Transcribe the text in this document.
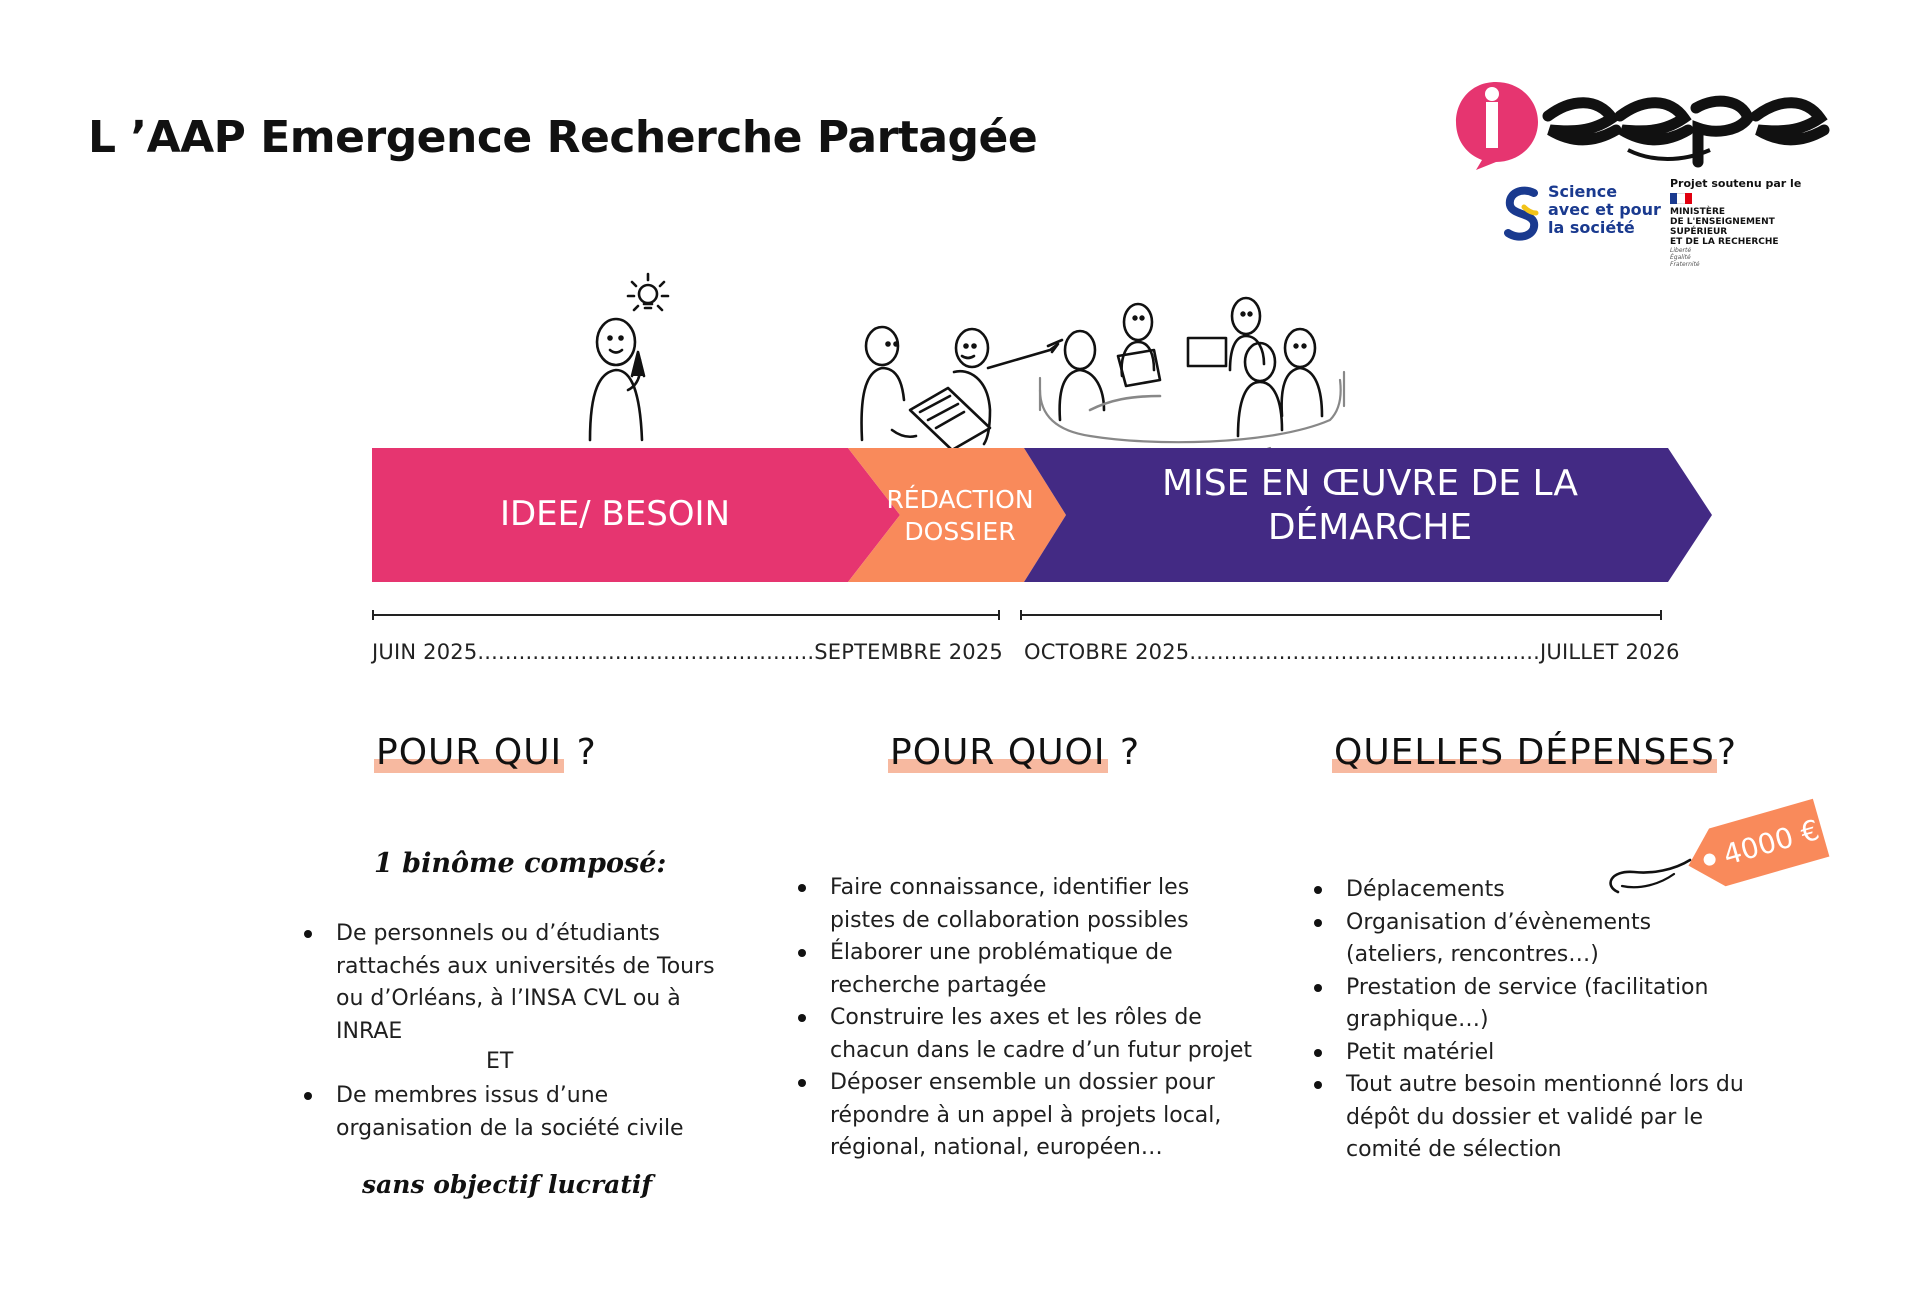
L ’AAP Emergence Recherche Partagée
Science
avec et pour
la société
Projet soutenu par le
MINISTÈRE
DE L'ENSEIGNEMENT
SUPÉRIEUR
ET DE LA RECHERCHE
Liberté
Égalité
Fraternité
IDEE/ BESOIN	RÉDACTION
DOSSIER
MISE EN ŒUVRE DE LA
DÉMARCHE
JUIN 2025.................................................SEPTEMBRE 2025 OCTOBRE 2025...................................................JUILLET 2026
POUR QUI ?	POUR QUOI ?	QUELLES DÉPENSES?
1 binôme composé:
De personnels ou d’étudiants rattachés aux universités de Tours ou d’Orléans, à l’INSA CVL ou à INRAE
ET
De membres issus d’une organisation de la société civile
sans objectif lucratif
Faire connaissance, identifier les pistes de collaboration possibles
Élaborer une problématique de recherche partagée
Construire les axes et les rôles de chacun dans le cadre d’un futur projet
Déposer ensemble un dossier pour répondre à un appel à projets local, régional, national, européen…
Déplacements
Organisation d’évènements (ateliers, rencontres…)
Prestation de service (facilitation graphique…)
Petit matériel
Tout autre besoin mentionné lors du dépôt du dossier et validé par le comité de sélection
4000 €
